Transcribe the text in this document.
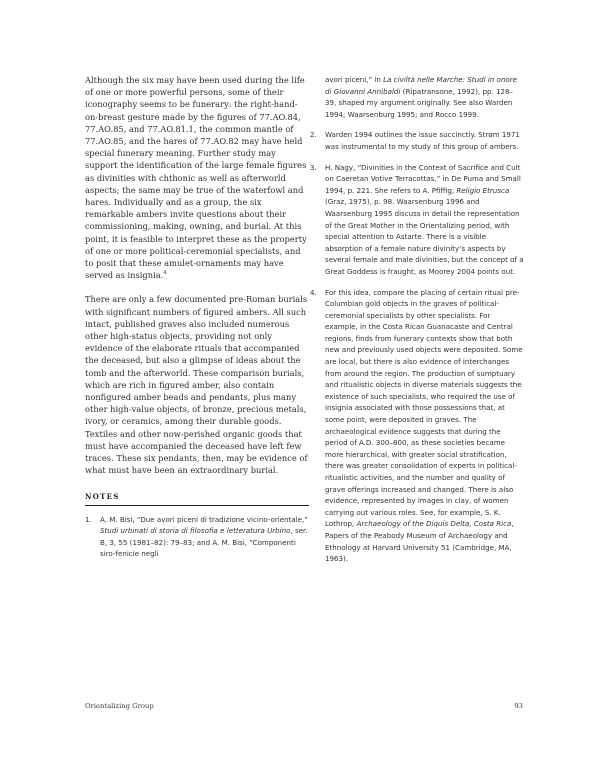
Although the six may have been used during the life of one or more powerful persons, some of their iconography seems to be funerary: the right-hand-on-breast gesture made by the figures of 77.AO.84, 77.AO.85, and 77.AO.81.1, the common mantle of 77.AO.85, and the hares of 77.AO.82 may have held special funerary meaning. Further study may support the identification of the large female figures as divinities with chthonic as well as afterworld aspects; the same may be true of the waterfowl and hares. Individually and as a group, the six remarkable ambers invite questions about their commissioning, making, owning, and burial. At this point, it is feasible to interpret these as the property of one or more political-ceremonial specialists, and to posit that these amulet-ornaments may have served as insignia.$^4$

There are only a few documented pre-Roman burials with significant numbers of figured ambers. All such intact, published graves also included numerous other high-status objects, providing not only evidence of the elaborate rituals that accompanied the deceased, but also a glimpse of ideas about the tomb and the afterworld. These comparison burials, which are rich in figured amber, also contain nonfigured amber beads and pendants, plus many other high-value objects, of bronze, precious metals, ivory, or ceramics, among their durable goods. Textiles and other now-perished organic goods that must have accompanied the deceased have left few traces. These six pendants, then, may be evidence of what must have been an extraordinary burial.

NOTES
1.	A. M. Bisi, “Due avori piceni di tradizione vicino-orientale,” Studi urbinati di storia di filosofia e letteratura Urbino, ser. B, 3, 55 (1981–82): 79–83; and A. M. Bisi, “Componenti siro-fenicie negli
avori piceni,” in La civiltà nelle Marche: Studi in onore di Giovanni Annibaldi (Ripatransone, 1992), pp. 128–39, shaped my argument originally. See also Warden 1994; Waarsenburg 1995; and Rocco 1999.
2.	Warden 1994 outlines the issue succinctly. Strøm 1971 was instrumental to my study of this group of ambers.
3.	H. Nagy, “Divinities in the Context of Sacrifice and Cult on Caeretan Votive Terracottas,” in De Puma and Small 1994, p. 221. She refers to A. Pfiffig, Religio Etrusca (Graz, 1975), p. 98. Waarsenburg 1996 and Waarsenburg 1995 discuss in detail the representation of the Great Mother in the Orientalizing period, with special attention to Astarte. There is a visible absorption of a female nature divinity’s aspects by several female and male divinities, but the concept of a Great Goddess is fraught, as Moorey 2004 points out.
4.	For this idea, compare the placing of certain ritual pre-Columbian gold objects in the graves of political-ceremonial specialists by other specialists. For example, in the Costa Rican Guanacaste and Central regions, finds from funerary contexts show that both new and previously used objects were deposited. Some are local, but there is also evidence of interchanges from around the region. The production of sumptuary and ritualistic objects in diverse materials suggests the existence of such specialists, who required the use of insignia associated with those possessions that, at some point, were deposited in graves. The archaeological evidence suggests that during the period of A.D. 300–800, as these societies became more hierarchical, with greater social stratification, there was greater consolidation of experts in political-ritualistic activities, and the number and quality of grave offerings increased and changed. There is also evidence, represented by images in clay, of women carrying out various roles. See, for example, S. K. Lothrop, Archaeology of the Diquís Delta, Costa Rica, Papers of the Peabody Museum of Archaeology and Ethnology at Harvard University 51 (Cambridge, MA, 1963).
Orientalizing Group	93
